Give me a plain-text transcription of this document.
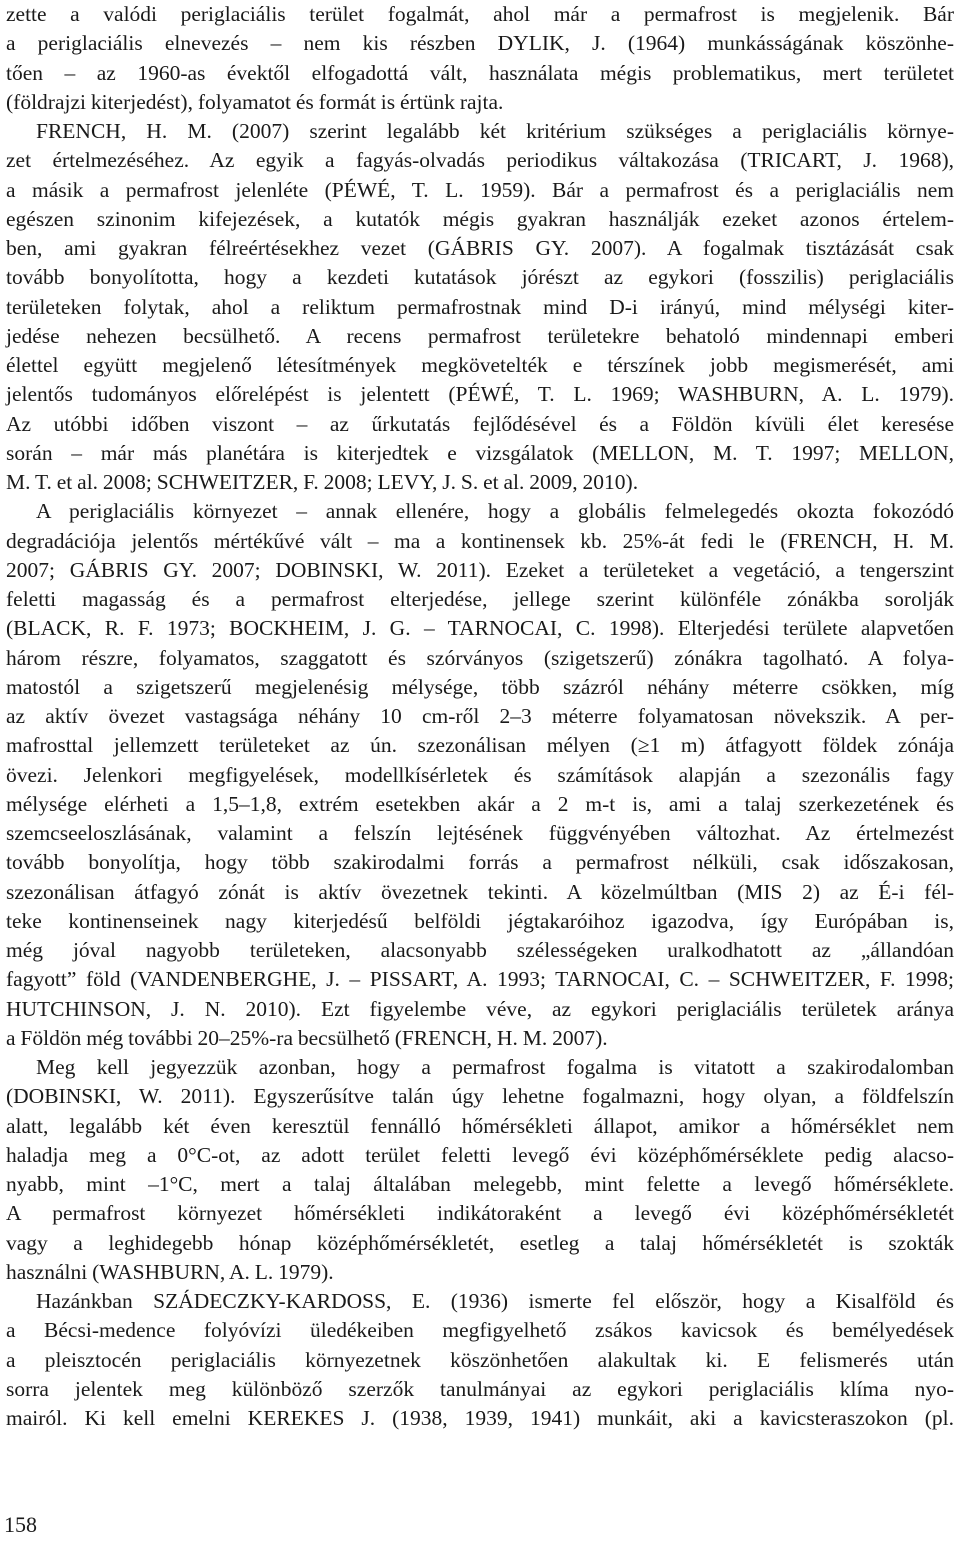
zette a valódi periglaciális terület fogalmát, ahol már a permafrost is megjelenik. Bár
a periglaciális elnevezés – nem kis részben DYLIK, J. (1964) munkásságának köszönhe-
tően – az 1960-as évektől elfogadottá vált, használata mégis problematikus, mert területet
(földrajzi kiterjedést), folyamatot és formát is értünk rajta.
FRENCH, H. M. (2007) szerint legalább két kritérium szükséges a periglaciális környe-
zet értelmezéséhez. Az egyik a fagyás-olvadás periodikus váltakozása (TRICART, J. 1968),
a másik a permafrost jelenléte (PÉWÉ, T. L. 1959). Bár a permafrost és a periglaciális nem
egészen szinonim kifejezések, a kutatók mégis gyakran használják ezeket azonos értelem-
ben, ami gyakran félreértésekhez vezet (GÁBRIS GY. 2007). A fogalmak tisztázását csak
tovább bonyolította, hogy a kezdeti kutatások jórészt az egykori (fosszilis) periglaciális
területeken folytak, ahol a reliktum permafrostnak mind D-i irányú, mind mélységi kiter-
jedése nehezen becsülhető. A recens permafrost területekre behatoló mindennapi emberi
élettel együtt megjelenő létesítmények megkövetelték e térszínek jobb megismerését, ami
jelentős tudományos előrelépést is jelentett (PÉWÉ, T. L. 1969; WASHBURN, A. L. 1979).
Az utóbbi időben viszont – az űrkutatás fejlődésével és a Földön kívüli élet keresése
során – már más planétára is kiterjedtek e vizsgálatok (MELLON, M. T. 1997; MELLON,
M. T. et al. 2008; SCHWEITZER, F. 2008; LEVY, J. S. et al. 2009, 2010).
A periglaciális környezet – annak ellenére, hogy a globális felmelegedés okozta fokozódó
degradációja jelentős mértékűvé vált – ma a kontinensek kb. 25%-át fedi le (FRENCH, H. M.
2007; GÁBRIS GY. 2007; DOBINSKI, W. 2011). Ezeket a területeket a vegetáció, a tengerszint
feletti magasság és a permafrost elterjedése, jellege szerint különféle zónákba sorolják
(BLACK, R. F. 1973; BOCKHEIM, J. G. – TARNOCAI, C. 1998). Elterjedési területe alapvetően
három részre, folyamatos, szaggatott és szórványos (szigetszerű) zónákra tagolható. A folya-
matostól a szigetszerű megjelenésig mélysége, több százról néhány méterre csökken, míg
az aktív övezet vastagsága néhány 10 cm-ről 2–3 méterre folyamatosan növekszik. A per-
mafrosttal jellemzett területeket az ún. szezonálisan mélyen (≥1 m) átfagyott földek zónája
övezi. Jelenkori megfigyelések, modellkísérletek és számítások alapján a szezonális fagy
mélysége elérheti a 1,5–1,8, extrém esetekben akár a 2 m-t is, ami a talaj szerkezetének és
szemcseeloszlásának, valamint a felszín lejtésének függvényében változhat. Az értelmezést
tovább bonyolítja, hogy több szakirodalmi forrás a permafrost nélküli, csak időszakosan,
szezonálisan átfagyó zónát is aktív övezetnek tekinti. A közelmúltban (MIS 2) az É-i fél-
teke kontinenseinek nagy kiterjedésű belföldi jégtakaróihoz igazodva, így Európában is,
még jóval nagyobb területeken, alacsonyabb szélességeken uralkodhatott az „állandóan
fagyott” föld (VANDENBERGHE, J. – PISSART, A. 1993; TARNOCAI, C. – SCHWEITZER, F. 1998;
HUTCHINSON, J. N. 2010). Ezt figyelembe véve, az egykori periglaciális területek aránya
a Földön még további 20–25%-ra becsülhető (FRENCH, H. M. 2007).
Meg kell jegyezzük azonban, hogy a permafrost fogalma is vitatott a szakirodalomban
(DOBINSKI, W. 2011). Egyszerűsítve talán úgy lehetne fogalmazni, hogy olyan, a földfelszín
alatt, legalább két éven keresztül fennálló hőmérsékleti állapot, amikor a hőmérséklet nem
haladja meg a 0°C-ot, az adott terület feletti levegő évi középhőmérséklete pedig alacso-
nyabb, mint –1°C, mert a talaj általában melegebb, mint felette a levegő hőmérséklete.
A permafrost környezet hőmérsékleti indikátoraként a levegő évi középhőmérsékletét
vagy a leghidegebb hónap középhőmérsékletét, esetleg a talaj hőmérsékletét is szokták
használni (WASHBURN, A. L. 1979).
Hazánkban SZÁDECZKY-KARDOSS, E. (1936) ismerte fel először, hogy a Kisalföld és
a Bécsi-medence folyóvízi üledékeiben megfigyelhető zsákos kavicsok és bemélyedések
a pleisztocén periglaciális környezetnek köszönhetően alakultak ki. E felismerés után
sorra jelentek meg különböző szerzők tanulmányai az egykori periglaciális klíma nyo-
mairól. Ki kell emelni KEREKES J. (1938, 1939, 1941) munkáit, aki a kavicsteraszokon (pl.
158
